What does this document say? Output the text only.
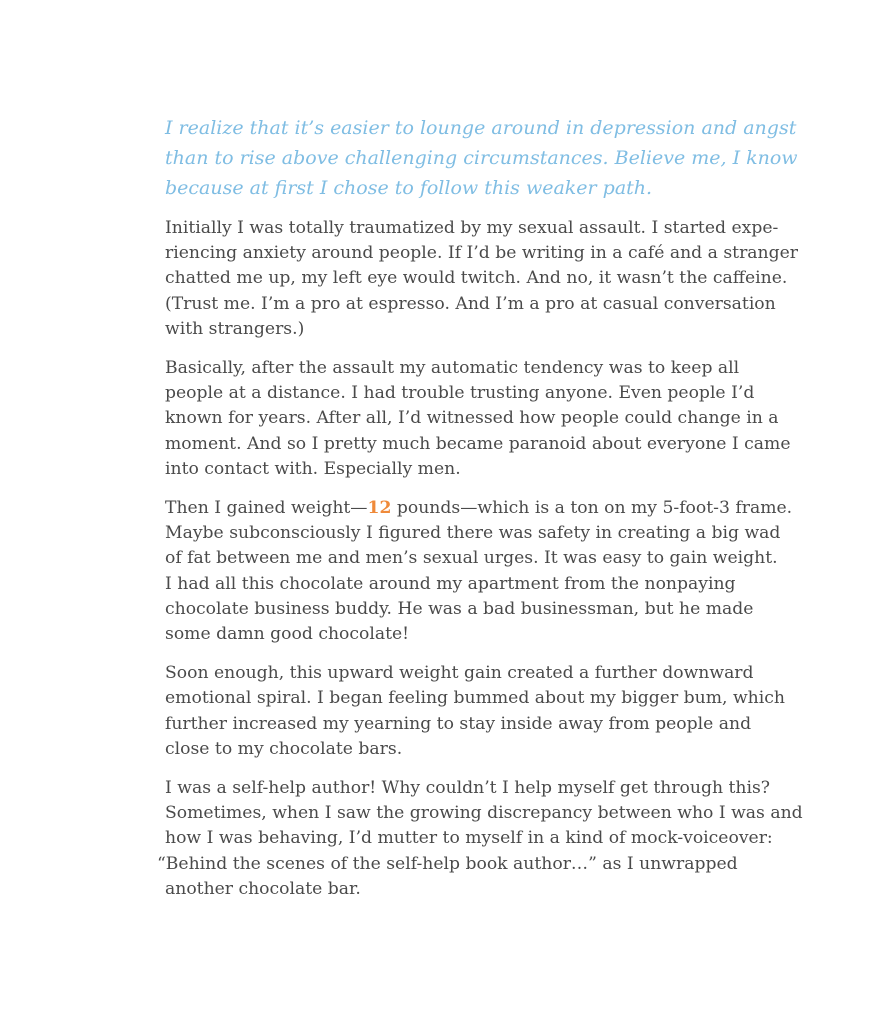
I realize that it’s easier to lounge around in depression and angst
than to rise above challenging circumstances. Believe me, I know
because at first I chose to follow this weaker path.

Initially I was totally traumatized by my sexual assault. I started expe-
riencing anxiety around people. If I’d be writing in a café and a stranger
chatted me up, my left eye would twitch. And no, it wasn’t the caffeine.
(Trust me. I’m a pro at espresso. And I’m a pro at casual conversation
with strangers.)

Basically, after the assault my automatic tendency was to keep all
people at a distance. I had trouble trusting anyone. Even people I’d
known for years. After all, I’d witnessed how people could change in a
moment. And so I pretty much became paranoid about everyone I came
into contact with. Especially men.

Then I gained weight—12 pounds—which is a ton on my 5-foot-3 frame.
Maybe subconsciously I figured there was safety in creating a big wad
of fat between me and men’s sexual urges. It was easy to gain weight.
I had all this chocolate around my apartment from the nonpaying
chocolate business buddy. He was a bad businessman, but he made
some damn good chocolate!

Soon enough, this upward weight gain created a further downward
emotional spiral. I began feeling bummed about my bigger bum, which
further increased my yearning to stay inside away from people and
close to my chocolate bars.

I was a self-help author! Why couldn’t I help myself get through this?
Sometimes, when I saw the growing discrepancy between who I was and
how I was behaving, I’d mutter to myself in a kind of mock-voiceover:
“Behind the scenes of the self-help book author…” as I unwrapped
another chocolate bar.
